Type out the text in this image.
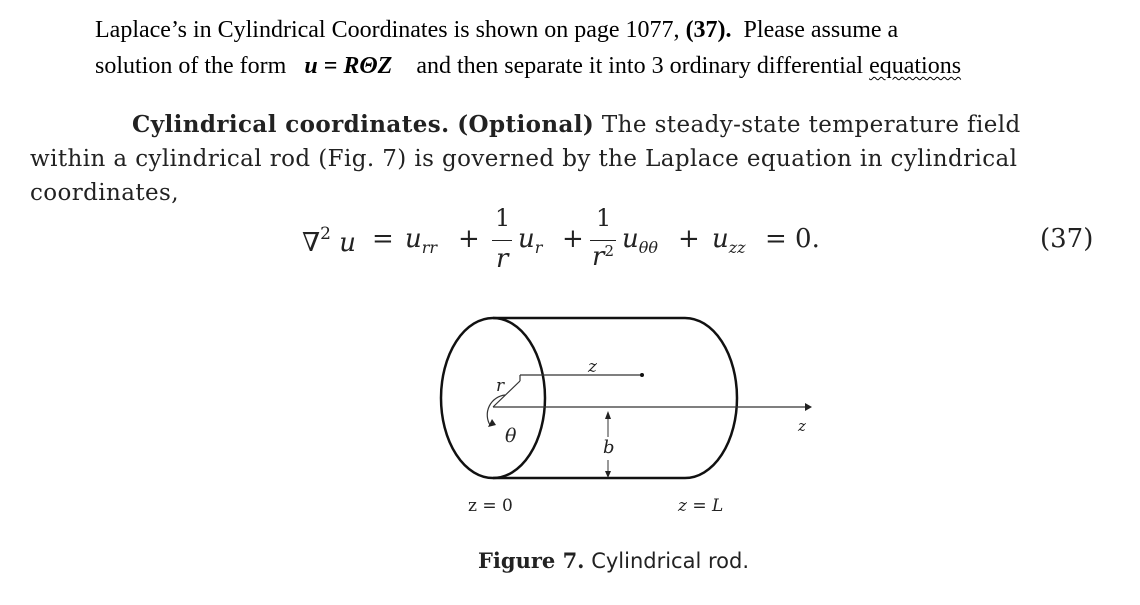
Laplace’s in Cylindrical Coordinates is shown on page 1077, (37). Please assume a
solution of the form u = RΘZ and then separate it into 3 ordinary differential equations
Cylindrical coordinates. (Optional) The steady-state temperature field within a cylindrical rod (Fig. 7) is governed by the Laplace equation in cylindrical coordinates,
∇$^2$ $u = u_{rr}$ +
1
r
$u_r$ +
1
$r^2$ $u_{\theta\theta} + u_{zz} = 0$.	(37)
r
θ
z
b
z
z = 0	z = L
Figure 7. Cylindrical rod.
